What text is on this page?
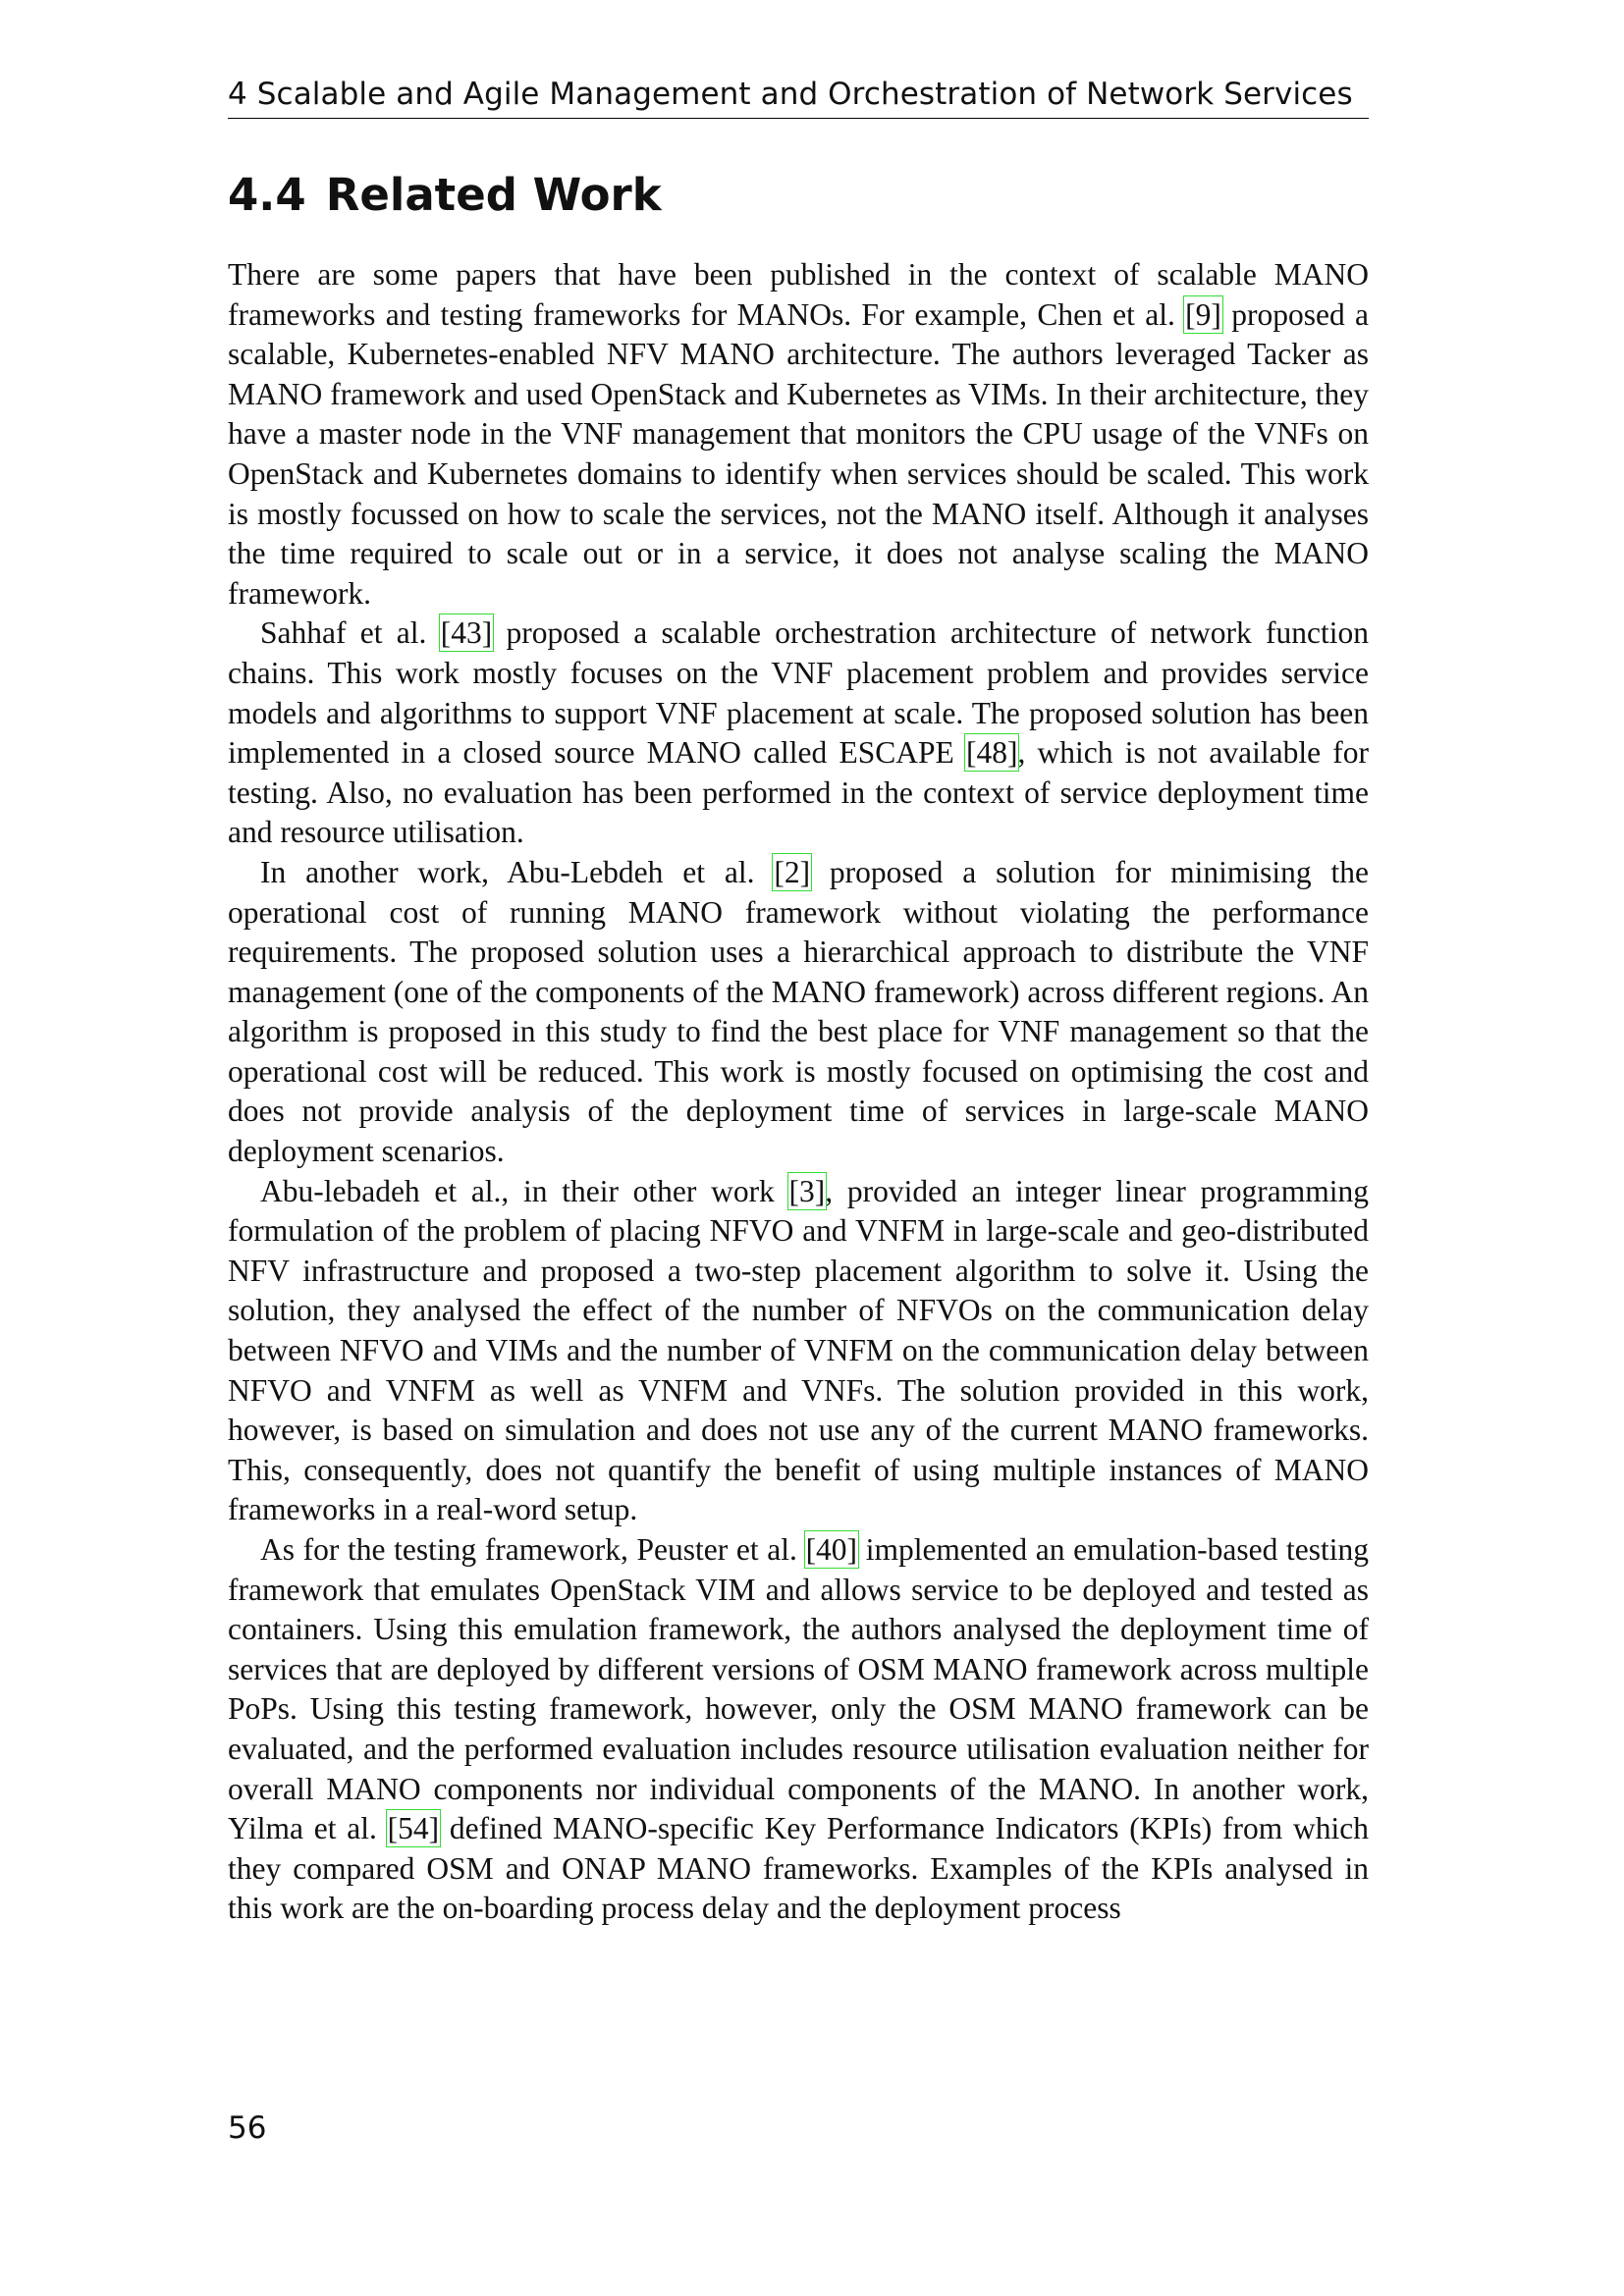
4 Scalable and Agile Management and Orchestration of Network Services
4.4 Related Work

There are some papers that have been published in the context of scalable MANO frameworks and testing frameworks for MANOs. For example, Chen et al. [9] proposed a scalable, Kubernetes-enabled NFV MANO architecture. The authors leveraged Tacker as MANO framework and used OpenStack and Kubernetes as VIMs. In their architecture, they have a master node in the VNF management that monitors the CPU usage of the VNFs on OpenStack and Kubernetes domains to identify when services should be scaled. This work is mostly focussed on how to scale the services, not the MANO itself. Although it analyses the time required to scale out or in a service, it does not analyse scaling the MANO framework.

Sahhaf et al. [43] proposed a scalable orchestration architecture of network function chains. This work mostly focuses on the VNF placement problem and provides service models and algorithms to support VNF placement at scale. The proposed solution has been implemented in a closed source MANO called ESCAPE [48], which is not available for testing. Also, no evaluation has been performed in the context of service deployment time and resource utilisation.

In another work, Abu-Lebdeh et al. [2] proposed a solution for minimising the operational cost of running MANO framework without violating the performance requirements. The proposed solution uses a hierarchical approach to distribute the VNF management (one of the components of the MANO framework) across different regions. An algorithm is proposed in this study to find the best place for VNF management so that the operational cost will be reduced. This work is mostly focused on optimising the cost and does not provide analysis of the deployment time of services in large-scale MANO deployment scenarios.

Abu-lebadeh et al., in their other work [3], provided an integer linear programming formulation of the problem of placing NFVO and VNFM in large-scale and geo-distributed NFV infrastructure and proposed a two-step placement algorithm to solve it. Using the solution, they analysed the effect of the number of NFVOs on the communication delay between NFVO and VIMs and the number of VNFM on the communication delay between NFVO and VNFM as well as VNFM and VNFs. The solution provided in this work, however, is based on simulation and does not use any of the current MANO frameworks. This, consequently, does not quantify the benefit of using multiple instances of MANO frameworks in a real-word setup.

As for the testing framework, Peuster et al. [40] implemented an emulation-based testing framework that emulates OpenStack VIM and allows service to be deployed and tested as containers. Using this emulation framework, the authors analysed the deployment time of services that are deployed by different versions of OSM MANO framework across multiple PoPs. Using this testing framework, however, only the OSM MANO framework can be evaluated, and the performed evaluation includes resource utilisation evaluation neither for overall MANO components nor individual components of the MANO. In another work, Yilma et al. [54] defined MANO-specific Key Performance Indicators (KPIs) from which they compared OSM and ONAP MANO frameworks. Examples of the KPIs analysed in this work are the on-boarding process delay and the deployment process

56
